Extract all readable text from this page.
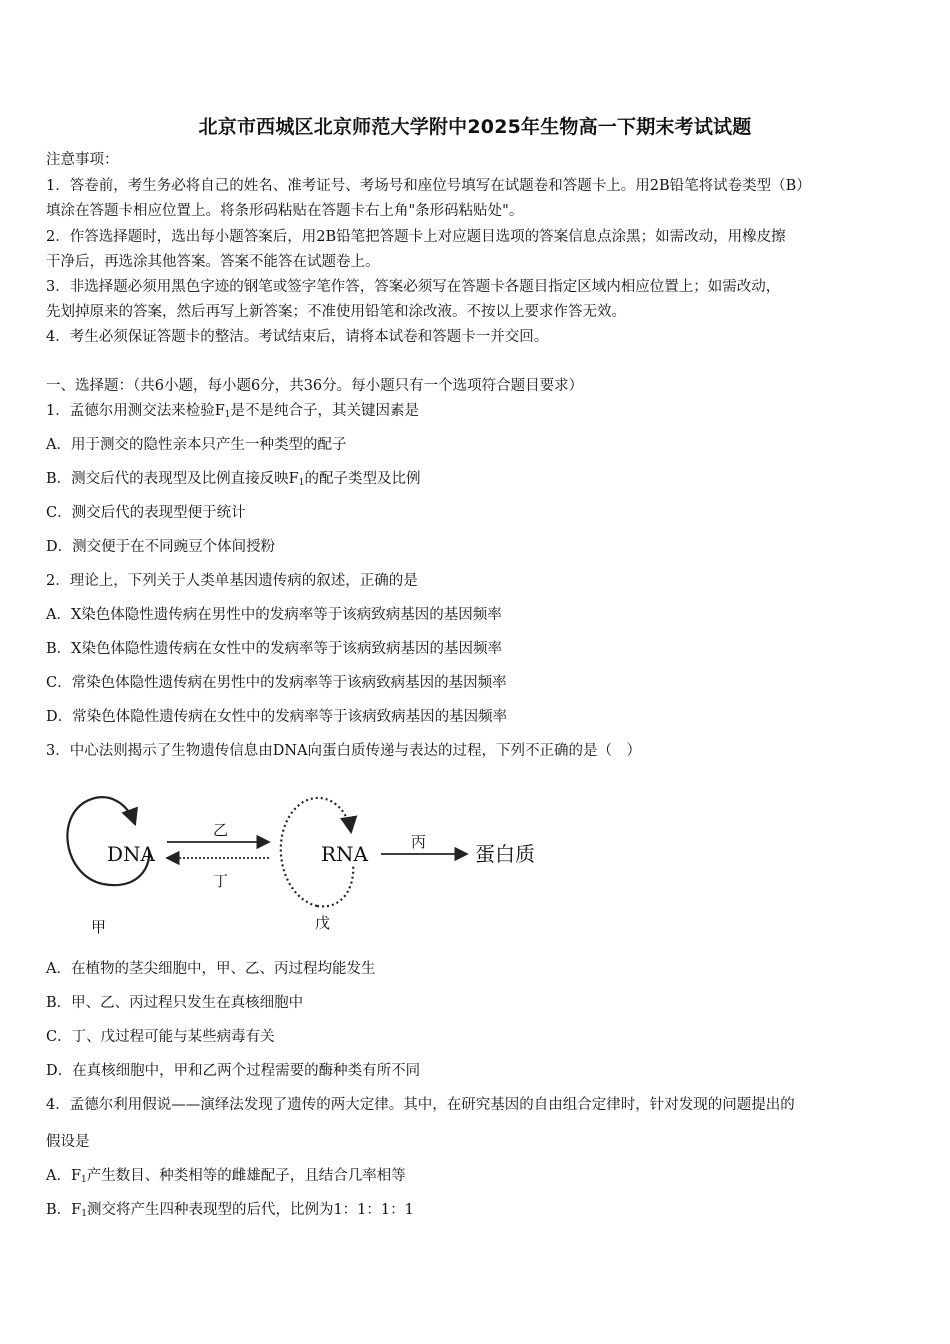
北京市西城区北京师范大学附中2025年生物高一下期末考试试题
注意事项：
1．答卷前，考生务必将自己的姓名、准考证号、考场号和座位号填写在试题卷和答题卡上。用2B铅笔将试卷类型（B）
填涂在答题卡相应位置上。将条形码粘贴在答题卡右上角"条形码粘贴处"。
2．作答选择题时，选出每小题答案后，用2B铅笔把答题卡上对应题目选项的答案信息点涂黑；如需改动，用橡皮擦
干净后，再选涂其他答案。答案不能答在试题卷上。
3．非选择题必须用黑色字迹的钢笔或签字笔作答，答案必须写在答题卡各题目指定区域内相应位置上；如需改动，
先划掉原来的答案，然后再写上新答案；不准使用铅笔和涂改液。不按以上要求作答无效。
4．考生必须保证答题卡的整洁。考试结束后，请将本试卷和答题卡一并交回。
一、选择题：（共6小题，每小题6分，共36分。每小题只有一个选项符合题目要求）
1．孟德尔用测交法来检验$F_1$是不是纯合子，其关键因素是
A．用于测交的隐性亲本只产生一种类型的配子
B．测交后代的表现型及比例直接反映$F_1$的配子类型及比例
C．测交后代的表现型便于统计
D．测交便于在不同豌豆个体间授粉
2．理论上，下列关于人类单基因遗传病的叙述，正确的是
A．X染色体隐性遗传病在男性中的发病率等于该病致病基因的基因频率
B．X染色体隐性遗传病在女性中的发病率等于该病致病基因的基因频率
C．常染色体隐性遗传病在男性中的发病率等于该病致病基因的基因频率
D．常染色体隐性遗传病在女性中的发病率等于该病致病基因的基因频率
3．中心法则揭示了生物遗传信息由DNA向蛋白质传递与表达的过程，下列不正确的是（　）
DNA
乙
丁
RNA	丙 蛋白质
甲	戊
A．在植物的茎尖细胞中，甲、乙、丙过程均能发生
B．甲、乙、丙过程只发生在真核细胞中
C．丁、戊过程可能与某些病毒有关
D．在真核细胞中，甲和乙两个过程需要的酶种类有所不同
4．孟德尔利用假说——演绎法发现了遗传的两大定律。其中，在研究基因的自由组合定律时，针对发现的问题提出的
假设是
A．$F_1$产生数目、种类相等的雌雄配子，且结合几率相等
B．$F_1$测交将产生四种表现型的后代，比例为1：1：1：1
